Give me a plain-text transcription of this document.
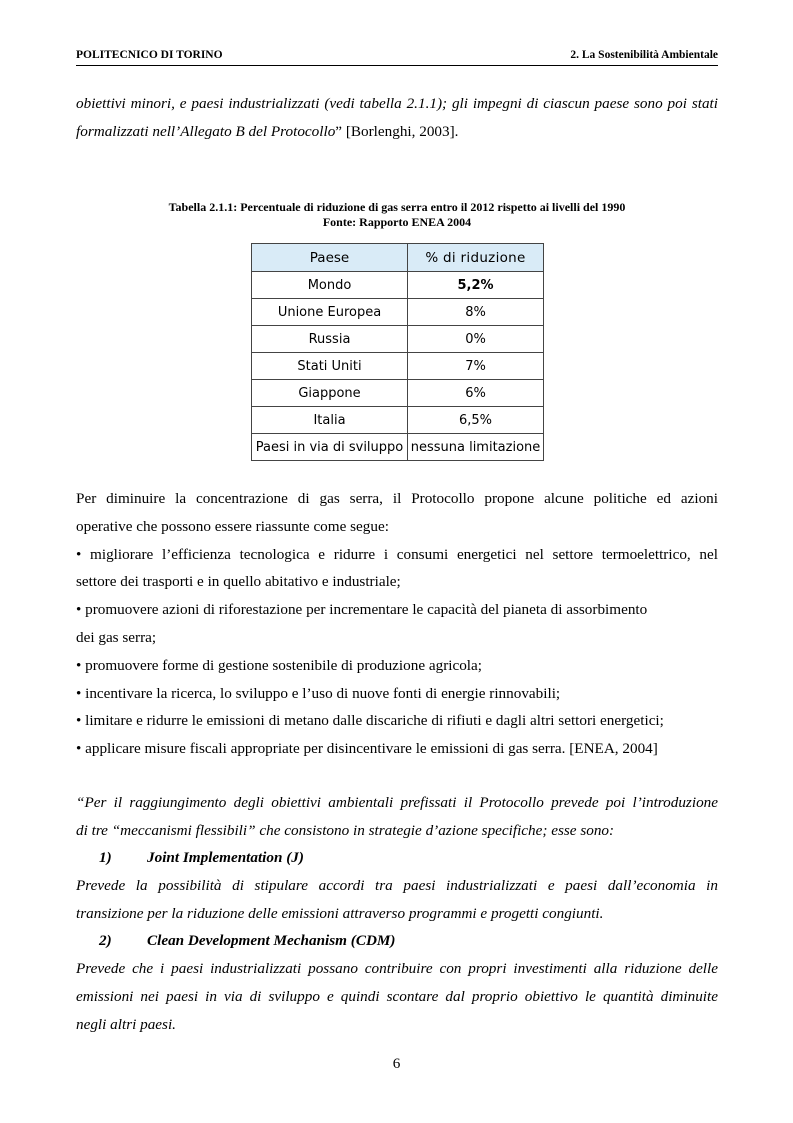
POLITECNICO DI TORINO	2. La Sostenibilità Ambientale
obiettivi minori, e paesi industrializzati (vedi tabella 2.1.1); gli impegni di ciascun paese sono poi stati formalizzati nell’Allegato B del Protocollo” [Borlenghi, 2003].
Tabella 2.1.1: Percentuale di riduzione di gas serra entro il 2012 rispetto ai livelli del 1990
Fonte: Rapporto ENEA 2004
Paese	% di riduzione
Mondo	5,2%
Unione Europea	8%
Russia	0%
Stati Uniti	7%
Giappone	6%
Italia	6,5%
Paesi in via di sviluppo	nessuna limitazione
Per diminuire la concentrazione di gas serra, il Protocollo propone alcune politiche ed azioni
operative che possono essere riassunte come segue:
• migliorare l’efficienza tecnologica e ridurre i consumi energetici nel settore termoelettrico, nel
settore dei trasporti e in quello abitativo e industriale;
• promuovere azioni di riforestazione per incrementare le capacità del pianeta di assorbimento
dei gas serra;
• promuovere forme di gestione sostenibile di produzione agricola;
• incentivare la ricerca, lo sviluppo e l’uso di nuove fonti di energie rinnovabili;
• limitare e ridurre le emissioni di metano dalle discariche di rifiuti e dagli altri settori energetici;
• applicare misure fiscali appropriate per disincentivare le emissioni di gas serra. [ENEA, 2004]
“Per il raggiungimento degli obiettivi ambientali prefissati il Protocollo prevede poi l’introduzione
di tre “meccanismi flessibili” che consistono in strategie d’azione specifiche; esse sono:
1) Joint Implementation (J)
Prevede la possibilità di stipulare accordi tra paesi industrializzati e paesi dall’economia in
transizione per la riduzione delle emissioni attraverso programmi e progetti congiunti.
2) Clean Development Mechanism (CDM)
Prevede che i paesi industrializzati possano contribuire con propri investimenti alla riduzione delle
emissioni nei paesi in via di sviluppo e quindi scontare dal proprio obiettivo le quantità diminuite
negli altri paesi.
6
